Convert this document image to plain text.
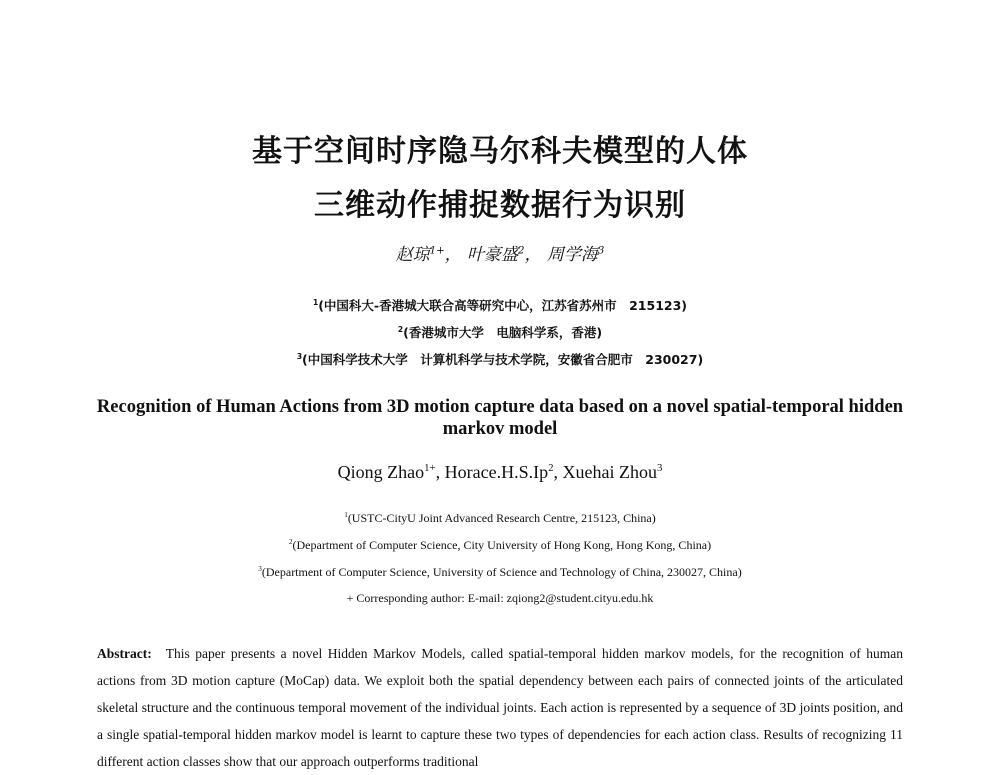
基于空间时序隐马尔科夫模型的人体
三维动作捕捉数据行为识别
赵琼$^{1+}$， 叶豪盛$^2$， 周学海$^3$
$^1$(中国科大-香港城大联合高等研究中心，江苏省苏州市　215123)
$^2$(香港城市大学　电脑科学系，香港)
$^3$(中国科学技术大学　计算机科学与技术学院，安徽省合肥市　230027)
Recognition of Human Actions from 3D motion capture data based on a novel spatial-temporal hidden markov model
Qiong Zhao$^{1+}$, Horace.H.S.Ip$^2$, Xuehai Zhou$^3$
$^1$(USTC-CityU Joint Advanced Research Centre, 215123, China)
$^2$(Department of Computer Science, City University of Hong Kong, Hong Kong, China)
$^3$(Department of Computer Science, University of Science and Technology of China, 230027, China)
+ Corresponding author: E-mail: zqiong2@student.cityu.edu.hk
Abstract: This paper presents a novel Hidden Markov Models, called spatial-temporal hidden markov models, for the recognition of human actions from 3D motion capture (MoCap) data. We exploit both the spatial dependency between each pairs of connected joints of the articulated skeletal structure and the continuous temporal movement of the individual joints. Each action is represented by a sequence of 3D joints position, and a single spatial-temporal hidden markov model is learnt to capture these two types of dependencies for each action class. Results of recognizing 11 different action classes show that our approach outperforms traditional
